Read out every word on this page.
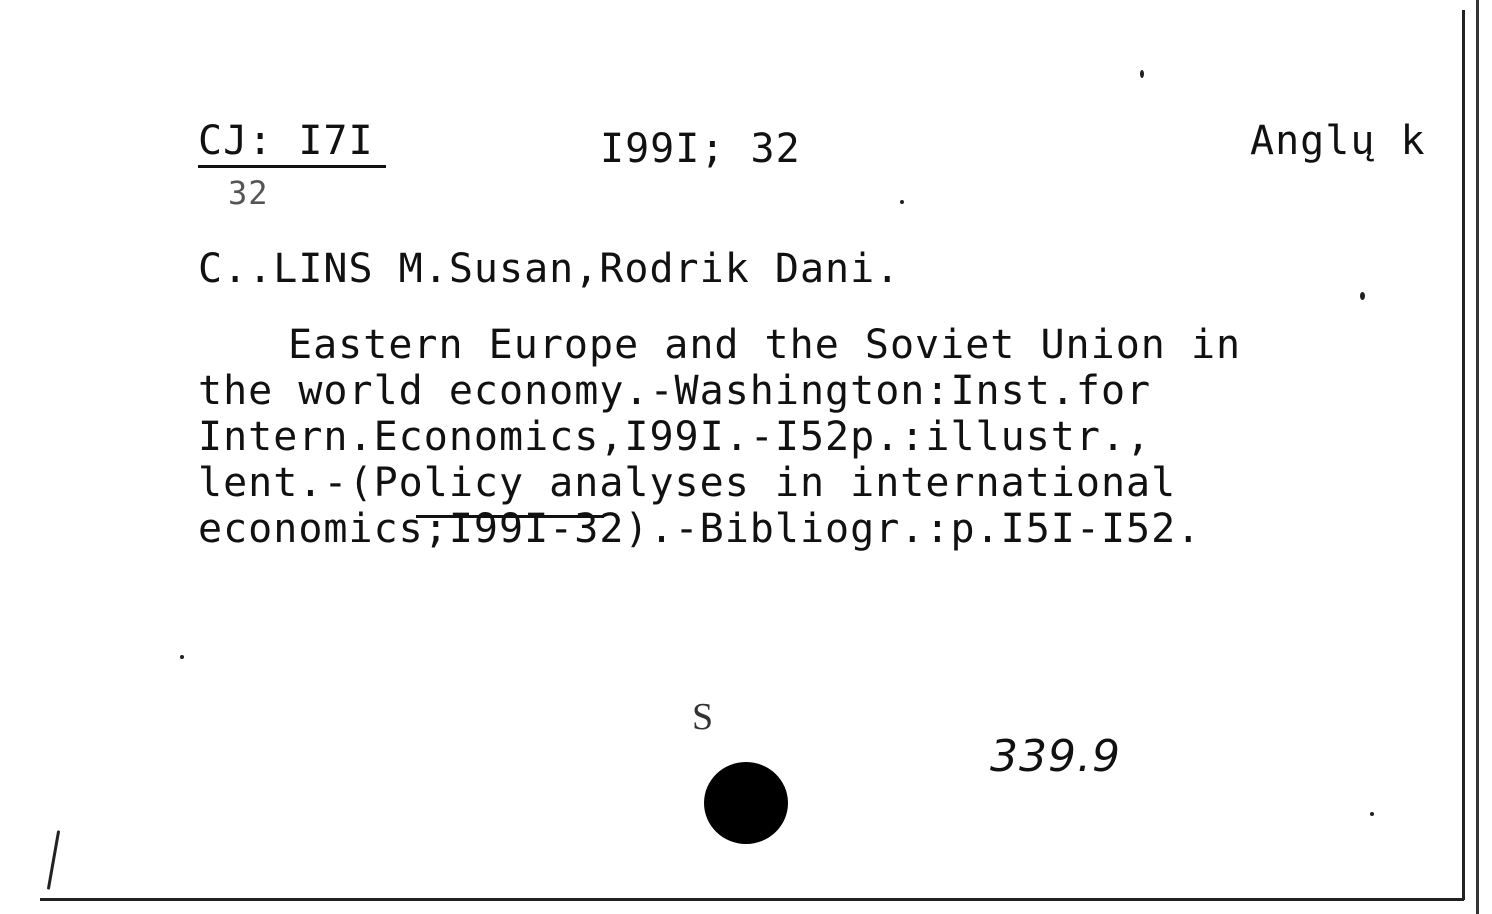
CJ: I7I
32
I99I; 32	Anglų k
C..LINS M.Susan,Rodrik Dani.
Eastern Europe and the Soviet Union in
the world economy.-Washington:Inst.for
Intern.Economics,I99I.-I52p.:illustr.,
lent.-(Policy analyses in international
economics;I99I-32).-Bibliogr.:p.I5I-I52.
S
339.9
